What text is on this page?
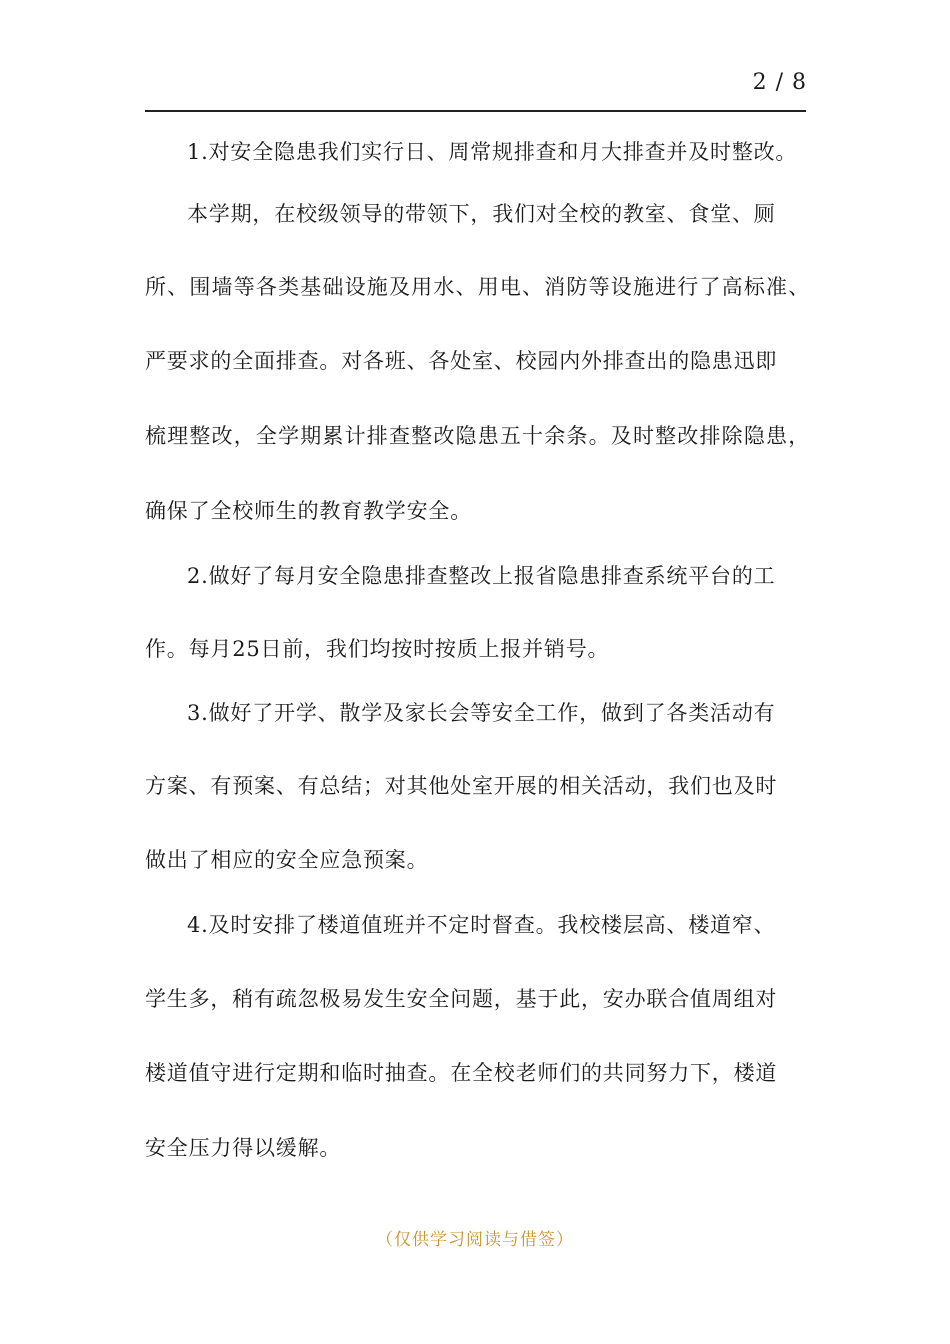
2 / 8
1.对安全隐患我们实行日、周常规排查和月大排查并及时整改。
本学期，在校级领导的带领下，我们对全校的教室、食堂、厕
所、围墙等各类基础设施及用水、用电、消防等设施进行了高标准、
严要求的全面排查。对各班、各处室、校园内外排查出的隐患迅即
梳理整改，全学期累计排查整改隐患五十余条。及时整改排除隐患，
确保了全校师生的教育教学安全。
2.做好了每月安全隐患排查整改上报省隐患排查系统平台的工
作。每月25日前，我们均按时按质上报并销号。
3.做好了开学、散学及家长会等安全工作，做到了各类活动有
方案、有预案、有总结；对其他处室开展的相关活动，我们也及时
做出了相应的安全应急预案。
4.及时安排了楼道值班并不定时督查。我校楼层高、楼道窄、
学生多，稍有疏忽极易发生安全问题，基于此，安办联合值周组对
楼道值守进行定期和临时抽查。在全校老师们的共同努力下，楼道
安全压力得以缓解。
（仅供学习阅读与借签）
